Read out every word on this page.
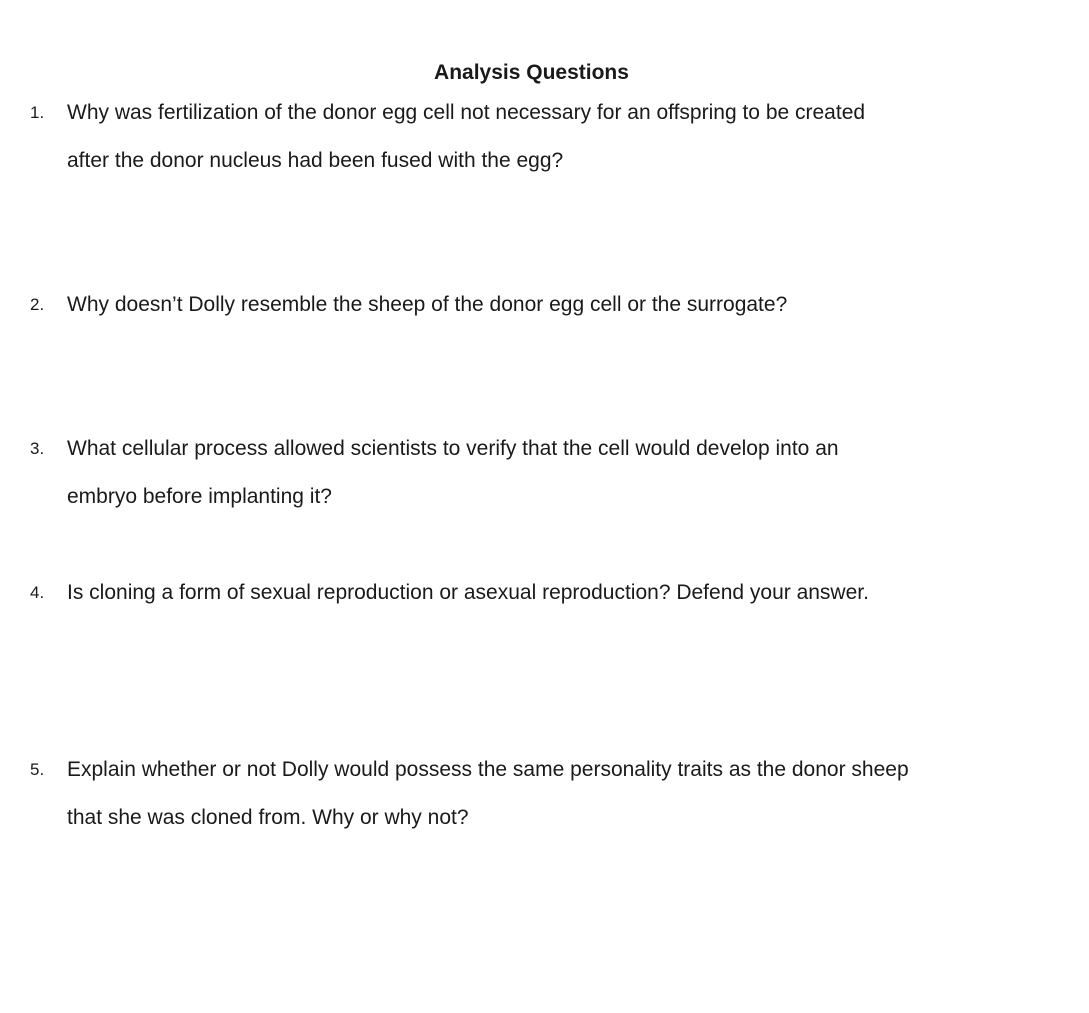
Analysis Questions
1.	Why was fertilization of the donor egg cell not necessary for an offspring to be created
after the donor nucleus had been fused with the egg?

2.	Why doesn’t Dolly resemble the sheep of the donor egg cell or the surrogate?

3.	What cellular process allowed scientists to verify that the cell would develop into an
embryo before implanting it?

4.	Is cloning a form of sexual reproduction or asexual reproduction? Defend your answer.

5.	Explain whether or not Dolly would possess the same personality traits as the donor sheep
that she was cloned from. Why or why not?
